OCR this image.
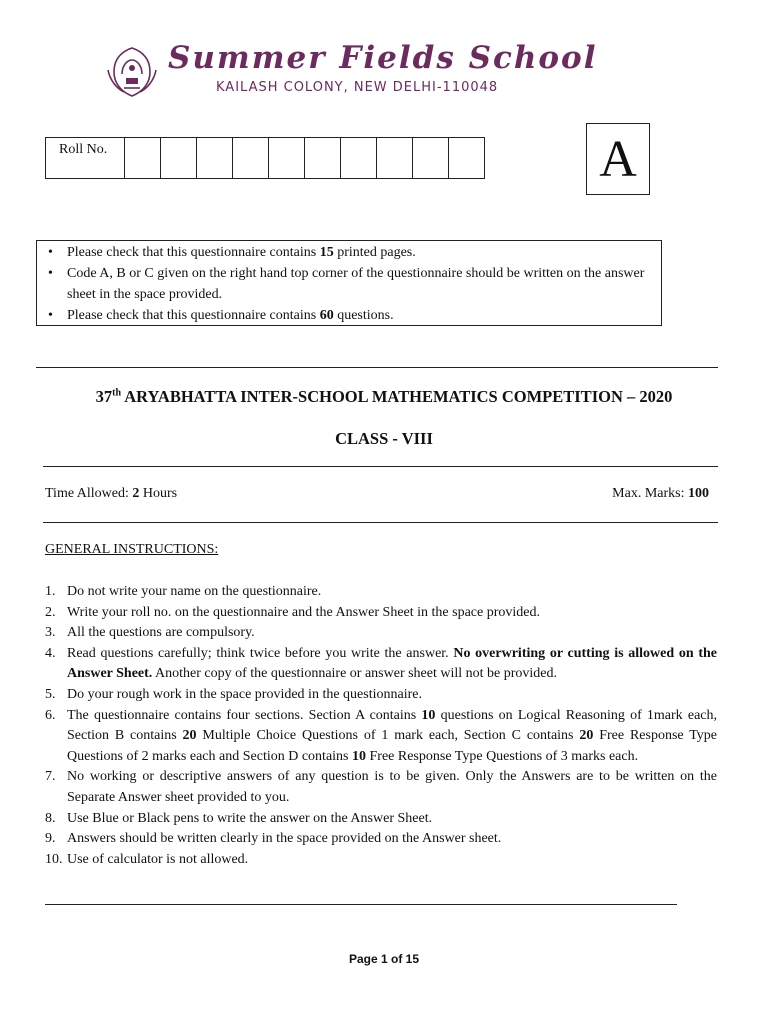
Summer Fields School
KAILASH COLONY, NEW DELHI-110048
Roll No.	A
• Please check that this questionnaire contains 15 printed pages.
• Code A, B or C given on the right hand top corner of the questionnaire should be written on the answer sheet in the space provided.
• Please check that this questionnaire contains 60 questions.
37th ARYABHATTA INTER-SCHOOL MATHEMATICS COMPETITION – 2020
CLASS - VIII
Time Allowed: 2 Hours	Max. Marks: 100
GENERAL INSTRUCTIONS:
1. Do not write your name on the questionnaire.
2. Write your roll no. on the questionnaire and the Answer Sheet in the space provided.
3. All the questions are compulsory.
4. Read questions carefully; think twice before you write the answer. No overwriting or cutting is allowed on the Answer Sheet. Another copy of the questionnaire or answer sheet will not be provided.
5. Do your rough work in the space provided in the questionnaire.
6. The questionnaire contains four sections. Section A contains 10 questions on Logical Reasoning of 1mark each, Section B contains 20 Multiple Choice Questions of 1 mark each, Section C contains 20 Free Response Type Questions of 2 marks each and Section D contains 10 Free Response Type Questions of 3 marks each.
7. No working or descriptive answers of any question is to be given. Only the Answers are to be written on the Separate Answer sheet provided to you.
8. Use Blue or Black pens to write the answer on the Answer Sheet.
9. Answers should be written clearly in the space provided on the Answer sheet.
10. Use of calculator is not allowed.
Page 1 of 15
